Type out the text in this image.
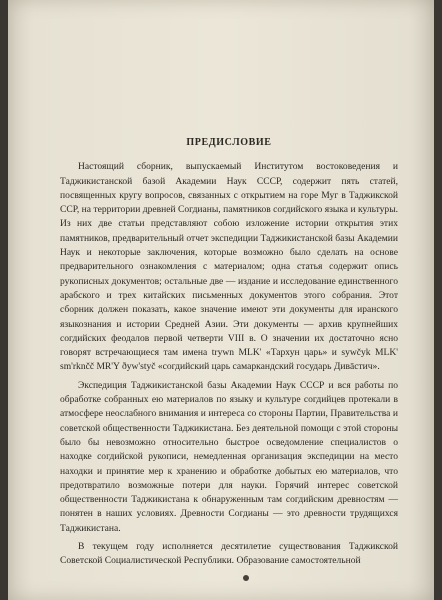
ПРЕДИСЛОВИЕ

Настоящий сборник, выпускаемый Институтом востоковедения и Таджикистанской базой Академии Наук СССР, содержит пять статей, посвященных кругу вопросов, связанных с открытием на горе Муг в Таджикской ССР, на территории древней Согдианы, памятников согдийского языка и культуры. Из них две статьи представляют собою изложение истории открытия этих памятников, предварительный отчет экспедиции Таджикистанской базы Академии Наук и некоторые заключения, которые возможно было сделать на основе предварительного ознакомления с материалом; одна статья содержит опись рукописных документов; остальные две — издание и исследование единственного арабского и трех китайских письменных документов этого собрания. Этот сборник должен показать, какое значение имеют эти документы для иранского языкознания и истории Средней Азии. Эти документы — архив крупнейших согдийских феодалов первой четверти VIII в. О значении их достаточно ясно говорят встречающиеся там имена trywn MLK' «Тархун царь» и sywčyk MLK' sm'rknčč MR'Y ðyw'styč «согдийский царь самаркандский государь Дивāстич».

Экспедиция Таджикистанской базы Академии Наук СССР и вся работы по обработке собранных ею материалов по языку и культуре согдийцев протекали в атмосфере неослабного внимания и интереса со стороны Партии, Правительства и советской общественности Таджикистана. Без деятельной помощи с этой стороны было бы невозможно относительно быстрое осведомление специалистов о находке согдийской рукописи, немедленная организация экспедиции на место находки и принятие мер к хранению и обработке добытых ею материалов, что предотвратило возможные потери для науки. Горячий интерес советской общественности Таджикистана к обнаруженным там согдийским древностям — понятен в наших условиях. Древности Согдианы — это древности трудящихся Таджикистана.

В текущем году исполняется десятилетие существования Таджикской Советской Социалистической Республики. Образование самостоятельной
